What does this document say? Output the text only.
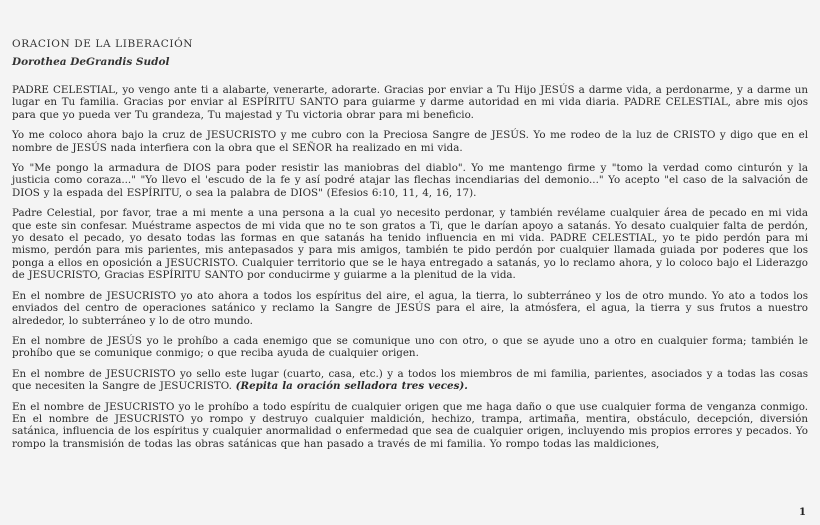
ORACION DE LA LIBERACIÓN
Dorothea DeGrandis Sudol

PADRE CELESTIAL, yo vengo ante ti a alabarte, venerarte, adorarte. Gracias por enviar a Tu Hijo JESÚS a darme vida, a perdonarme, y a darme un lugar en Tu familia. Gracias por enviar al ESPÍRITU SANTO para guiarme y darme autoridad en mi vida diaria. PADRE CELESTIAL, abre mis ojos para que yo pueda ver Tu grandeza, Tu majestad y Tu victoria obrar para mi beneficio.

Yo me coloco ahora bajo la cruz de JESUCRISTO y me cubro con la Preciosa Sangre de JESÚS. Yo me rodeo de la luz de CRISTO y digo que en el nombre de JESÚS nada interfiera con la obra que el SEÑOR ha realizado en mi vida.

Yo "Me pongo la armadura de DIOS para poder resistir las maniobras del diablo". Yo me mantengo firme y "tomo la verdad como cinturón y la justicia como coraza..." "Yo llevo el 'escudo de la fe y así podré atajar las flechas incendiarias del demonio..." Yo acepto "el caso de la salvación de DIOS y la espada del ESPÍRITU, o sea la palabra de DIOS" (Efesios 6:10, 11, 4, 16, 17).

Padre Celestial, por favor, trae a mi mente a una persona a la cual yo necesito perdonar, y también revélame cualquier área de pecado en mi vida que este sin confesar. Muéstrame aspectos de mi vida que no te son gratos a Ti, que le darían apoyo a satanás. Yo desato cualquier falta de perdón, yo desato el pecado, yo desato todas las formas en que satanás ha tenido influencia en mi vida. PADRE CELESTIAL, yo te pido perdón para mi mismo, perdón para mis parientes, mis antepasados y para mis amigos, también te pido perdón por cualquier llamada guiada por poderes que los ponga a ellos en oposición a JESUCRISTO. Cualquier territorio que se le haya entregado a satanás, yo lo reclamo ahora, y lo coloco bajo el Liderazgo de JESUCRISTO, Gracias ESPÍRITU SANTO por conducirme y guiarme a la plenitud de la vida.

En el nombre de JESUCRISTO yo ato ahora a todos los espíritus del aire, el agua, la tierra, lo subterráneo y los de otro mundo. Yo ato a todos los enviados del centro de operaciones satánico y reclamo la Sangre de JESÚS para el aire, la atmósfera, el agua, la tierra y sus frutos a nuestro alrededor, lo subterráneo y lo de otro mundo.

En el nombre de JESÚS yo le prohíbo a cada enemigo que se comunique uno con otro, o que se ayude uno a otro en cualquier forma; también le prohíbo que se comunique conmigo; o que reciba ayuda de cualquier origen.

En el nombre de JESUCRISTO yo sello este lugar (cuarto, casa, etc.) y a todos los miembros de mi familia, parientes, asociados y a todas las cosas que necesiten la Sangre de JESUCRISTO. (Repita la oración selladora tres veces).

En el nombre de JESUCRISTO yo le prohíbo a todo espíritu de cualquier origen que me haga daño o que use cualquier forma de venganza conmigo. En el nombre de JESUCRISTO yo rompo y destruyo cualquier maldición, hechizo, trampa, artimaña, mentira, obstáculo, decepción, diversión satánica, influencia de los espíritus y cualquier anormalidad o enfermedad que sea de cualquier origen, incluyendo mis propios errores y pecados. Yo rompo la transmisión de todas las obras satánicas que han pasado a través de mi familia. Yo rompo todas las maldiciones,

1
